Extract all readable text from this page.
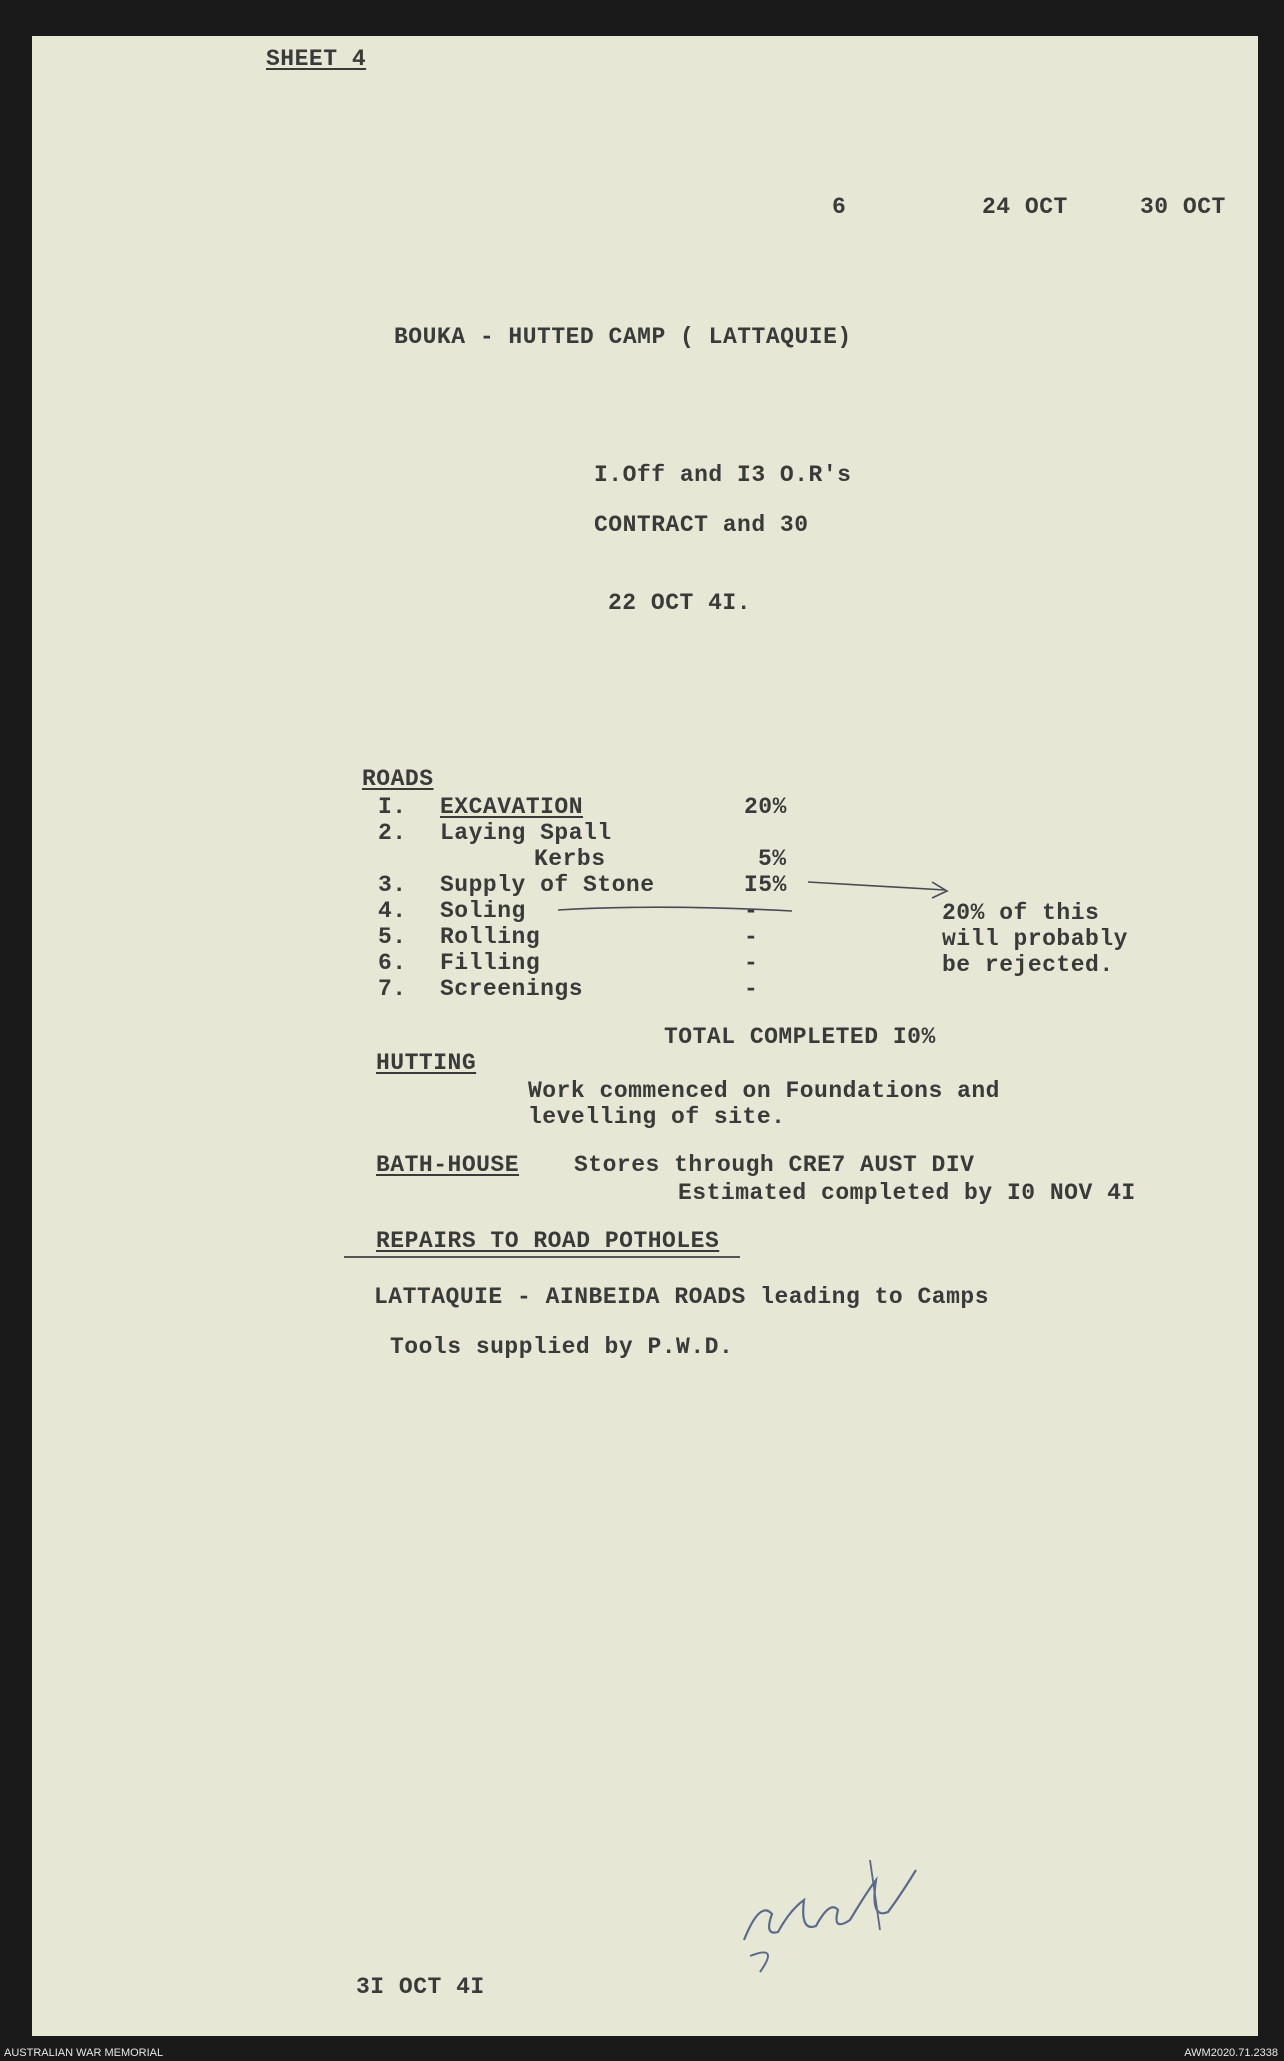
SHEET 4
6	24 OCT	30 OCT
BOUKA - HUTTED CAMP ( LATTAQUIE)
I.Off and I3 O.R's
CONTRACT and 30
22 OCT 4I.
ROADS
I. EXCAVATION	20%
2. Laying Spall
Kerbs	5%
3. Supply of Stone	I5%
4. Soling	-
5. Rolling	-
6. Filling	-
7. Screenings	-
20% of this
will probably
be rejected.
TOTAL COMPLETED I0%
HUTTING
Work commenced on Foundations and
levelling of site.
BATH-HOUSE Stores through CRE7 AUST DIV
Estimated completed by I0 NOV 4I
REPAIRS TO ROAD POTHOLES
LATTAQUIE - AINBEIDA ROADS leading to Camps
Tools supplied by P.W.D.
3I OCT 4I
AUSTRALIAN WAR MEMORIAL	AWM2020.71.2338
